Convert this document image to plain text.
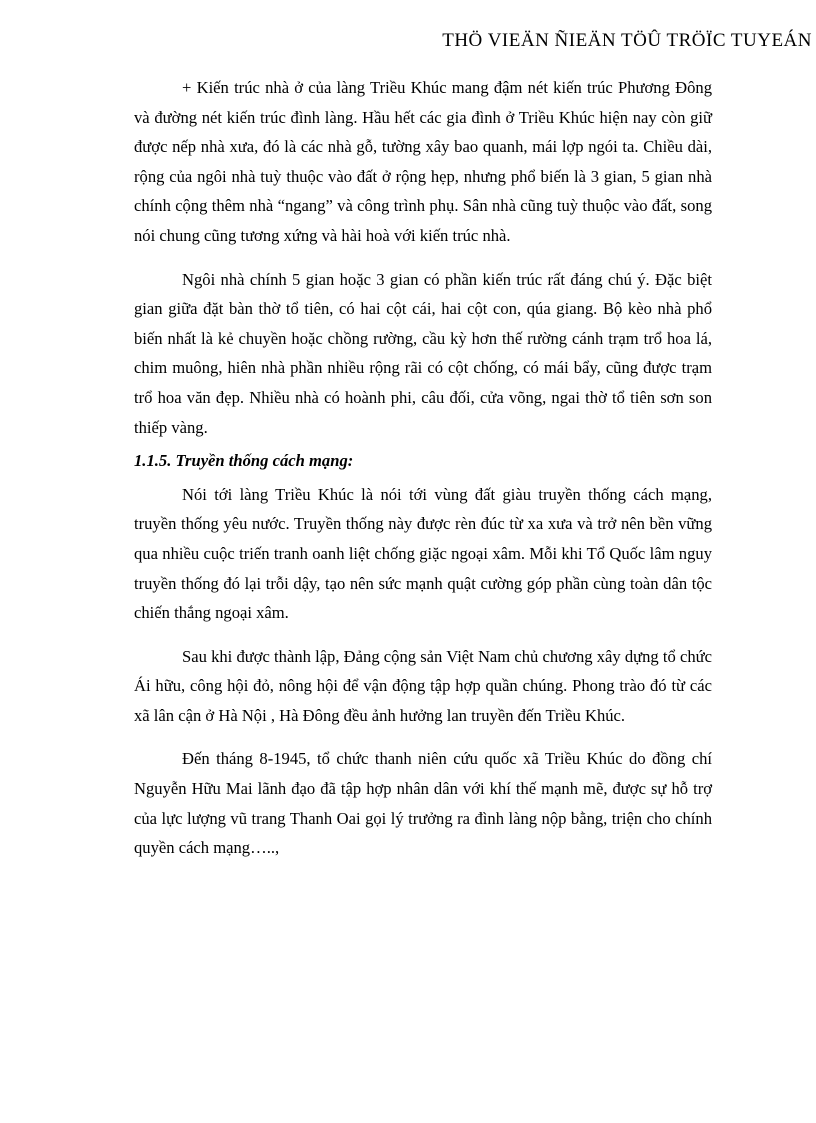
THÖ VIEÄN ÑIEÄN TÖÛ TRÖÏC TUYEÁN

+ Kiến trúc nhà ở của làng Triều Khúc mang đậm nét kiến trúc Phương Đông và đường nét kiến trúc đình làng. Hầu hết các gia đình ở Triều Khúc hiện nay còn giữ được nếp nhà xưa, đó là các nhà gỗ, tường xây bao quanh, mái lợp ngói ta. Chiều dài, rộng của ngôi nhà tuỳ thuộc vào đất ở rộng hẹp, nhưng phổ biến là 3 gian, 5 gian nhà chính cộng thêm nhà “ngang” và công trình phụ. Sân nhà cũng tuỳ thuộc vào đất, song nói chung cũng tương xứng và hài hoà với kiến trúc nhà.

Ngôi nhà chính 5 gian hoặc 3 gian có phần kiến trúc rất đáng chú ý. Đặc biệt gian giữa đặt bàn thờ tổ tiên, có hai cột cái, hai cột con, qúa giang. Bộ kèo nhà phổ biến nhất là kẻ chuyền hoặc chồng rường, cầu kỳ hơn thế rường cánh trạm trổ hoa lá, chim muông, hiên nhà phần nhiều rộng rãi có cột chống, có mái bẩy, cũng được trạm trổ hoa văn đẹp. Nhiều nhà có hoành phi, câu đối, cửa võng, ngai thờ tổ tiên sơn son thiếp vàng.

1.1.5. Truyền thống cách mạng:

Nói tới làng Triều Khúc là nói tới vùng đất giàu truyền thống cách mạng, truyền thống yêu nước. Truyền thống này được rèn đúc từ xa xưa và trở nên bền vững qua nhiều cuộc triến tranh oanh liệt chống giặc ngoại xâm. Mỗi khi Tổ Quốc lâm nguy truyền thống đó lại trỗi dậy, tạo nên sức mạnh quật cường góp phần cùng toàn dân tộc chiến thắng ngoại xâm.

Sau khi được thành lập, Đảng cộng sản Việt Nam chủ chương xây dựng tổ chức Ái hữu, công hội đỏ, nông hội để vận động tập hợp quần chúng. Phong trào đó từ các xã lân cận ở Hà Nội , Hà Đông đều ảnh hưởng lan truyền đến Triều Khúc.

Đến tháng 8-1945, tổ chức thanh niên cứu quốc xã Triều Khúc do đồng chí Nguyễn Hữu Mai lãnh đạo đã tập hợp nhân dân với khí thế mạnh mẽ, được sự hỗ trợ của lực lượng vũ trang Thanh Oai gọi lý trưởng ra đình làng nộp bằng, triện cho chính quyền cách mạng…..,
